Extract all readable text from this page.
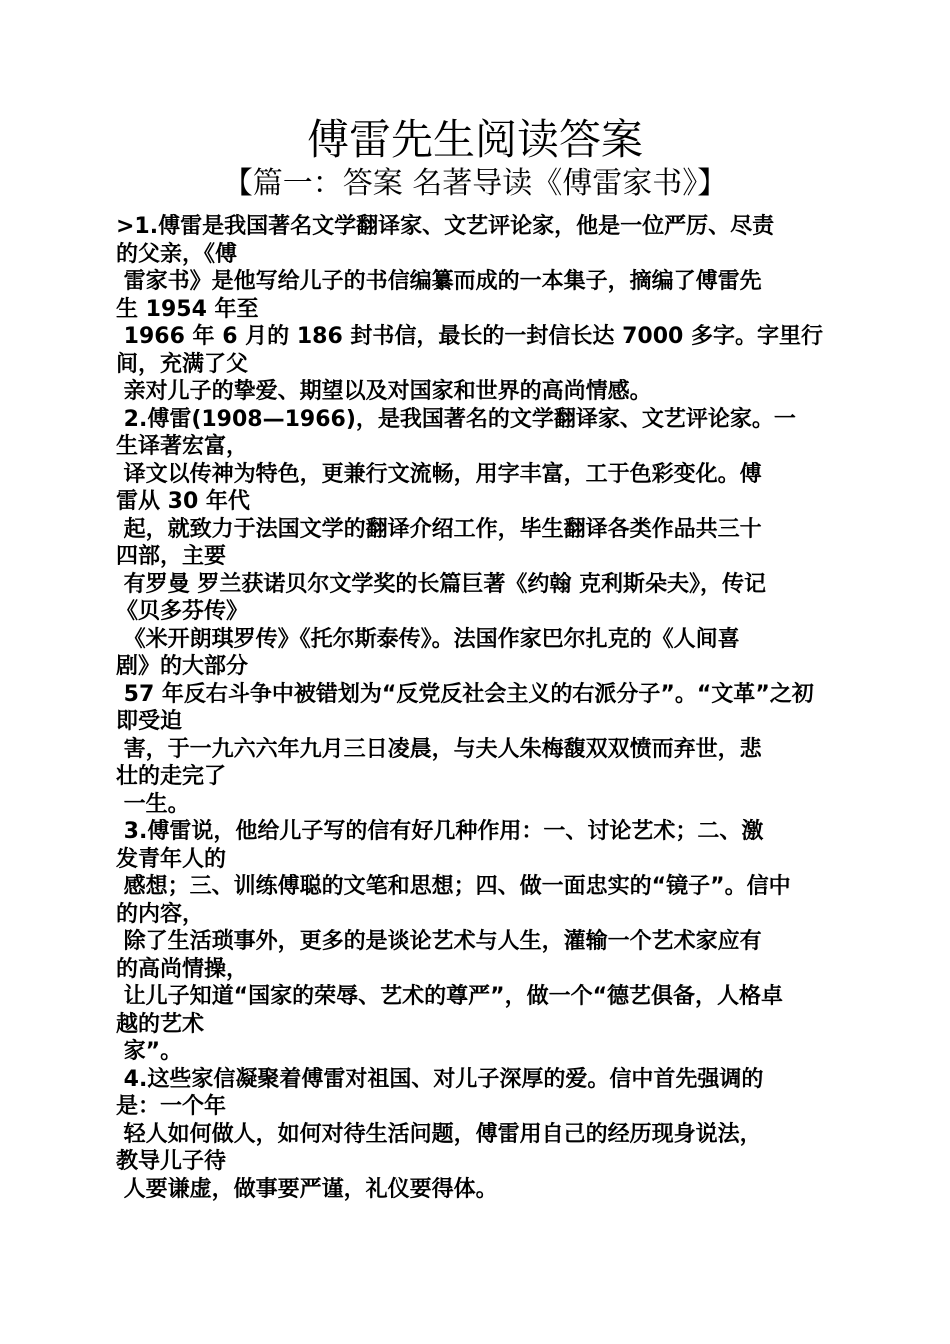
傅雷先生阅读答案
【篇一：答案 名著导读《傅雷家书》】
>1.傅雷是我国著名文学翻译家、文艺评论家，他是一位严厉、尽责
的父亲，《傅
雷家书》是他写给儿子的书信编纂而成的一本集子，摘编了傅雷先
生 1954 年至
1966 年 6 月的 186 封书信，最长的一封信长达 7000 多字。字里行
间，充满了父
亲对儿子的挚爱、期望以及对国家和世界的高尚情感。
2.傅雷(1908—1966)，是我国著名的文学翻译家、文艺评论家。一
生译著宏富，
译文以传神为特色，更兼行文流畅，用字丰富，工于色彩变化。傅
雷从 30 年代
起，就致力于法国文学的翻译介绍工作，毕生翻译各类作品共三十
四部，主要
有罗曼 罗兰获诺贝尔文学奖的长篇巨著《约翰 克利斯朵夫》，传记
《贝多芬传》
《米开朗琪罗传》《托尔斯泰传》。法国作家巴尔扎克的《人间喜
剧》的大部分
57 年反右斗争中被错划为“反党反社会主义的右派分子”。“文革”之初
即受迫
害，于一九六六年九月三日凌晨，与夫人朱梅馥双双愤而弃世，悲
壮的走完了
一生。
3.傅雷说，他给儿子写的信有好几种作用：一、讨论艺术；二、激
发青年人的
感想；三、训练傅聪的文笔和思想；四、做一面忠实的“镜子”。信中
的内容，
除了生活琐事外，更多的是谈论艺术与人生，灌输一个艺术家应有
的高尚情操，
让儿子知道“国家的荣辱、艺术的尊严”，做一个“德艺俱备，人格卓
越的艺术
家”。
4.这些家信凝聚着傅雷对祖国、对儿子深厚的爱。信中首先强调的
是：一个年
轻人如何做人，如何对待生活问题，傅雷用自己的经历现身说法，
教导儿子待
人要谦虚，做事要严谨，礼仪要得体。
